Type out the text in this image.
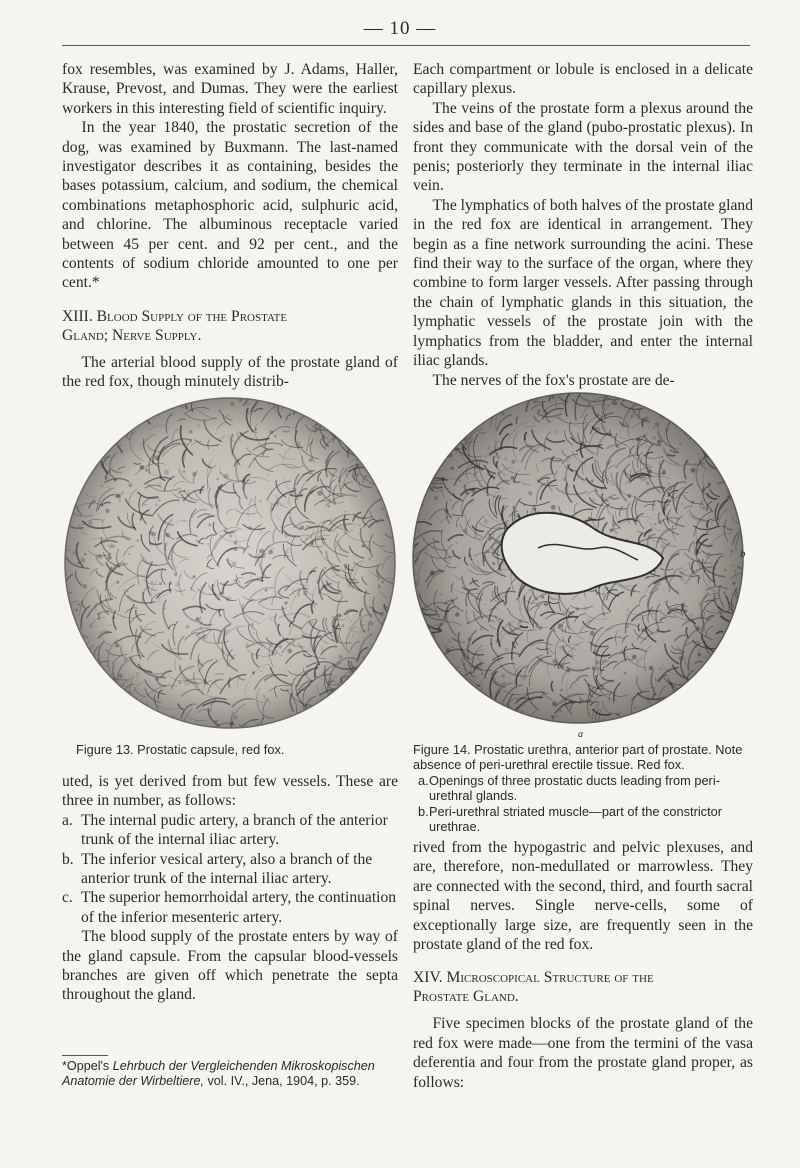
— 10 —

fox resembles, was examined by J. Adams, Haller, Krause, Prevost, and Dumas. They were the earliest workers in this interesting field of scientific inquiry.

In the year 1840, the prostatic secretion of the dog, was examined by Buxmann. The last-named investigator describes it as containing, besides the bases potassium, calcium, and sodium, the chemical combinations metaphosphoric acid, sulphuric acid, and chlorine. The albuminous receptacle varied between 45 per cent. and 92 per cent., and the contents of sodium chloride amounted to one per cent.*

XIII. Blood Supply of the Prostate
Gland; Nerve Supply.

The arterial blood supply of the prostate gland of the red fox, though minutely distrib-

Each compartment or lobule is enclosed in a delicate capillary plexus.

The veins of the prostate form a plexus around the sides and base of the gland (pubo-prostatic plexus). In front they communicate with the dorsal vein of the penis; posteriorly they terminate in the internal iliac vein.

The lymphatics of both halves of the prostate gland in the red fox are identical in arrangement. They begin as a fine network surrounding the acini. These find their way to the surface of the organ, where they combine to form larger vessels. After passing through the chain of lymphatic glands in this situation, the lymphatic vessels of the prostate join with the lymphatics from the bladder, and enter the internal iliac glands.

The nerves of the fox's prostate are de-

Figure 13. Prostatic capsule, red fox.
b
a
Figure 14. Prostatic urethra, anterior part of prostate. Note absence of peri-urethral erectile tissue. Red fox.
a. Openings of three prostatic ducts leading from peri-urethral glands.
b. Peri-urethral striated muscle—part of the constrictor urethrae.

uted, is yet derived from but few vessels. These are three in number, as follows:

a. The internal pudic artery, a branch of the anterior trunk of the internal iliac artery.
b. The inferior vesical artery, also a branch of the anterior trunk of the internal iliac artery.
c. The superior hemorrhoidal artery, the continuation of the inferior mesenteric artery.

The blood supply of the prostate enters by way of the gland capsule. From the capsular blood-vessels branches are given off which penetrate the septa throughout the gland.

*Oppel's Lehrbuch der Vergleichenden Mikroskopischen Anatomie der Wirbeltiere, vol. IV., Jena, 1904, p. 359.

rived from the hypogastric and pelvic plexuses, and are, therefore, non-medullated or marrowless. They are connected with the second, third, and fourth sacral spinal nerves. Single nerve-cells, some of exceptionally large size, are frequently seen in the prostate gland of the red fox.

XIV. Microscopical Structure of the
Prostate Gland.

Five specimen blocks of the prostate gland of the red fox were made—one from the termini of the vasa deferentia and four from the prostate gland proper, as follows:
